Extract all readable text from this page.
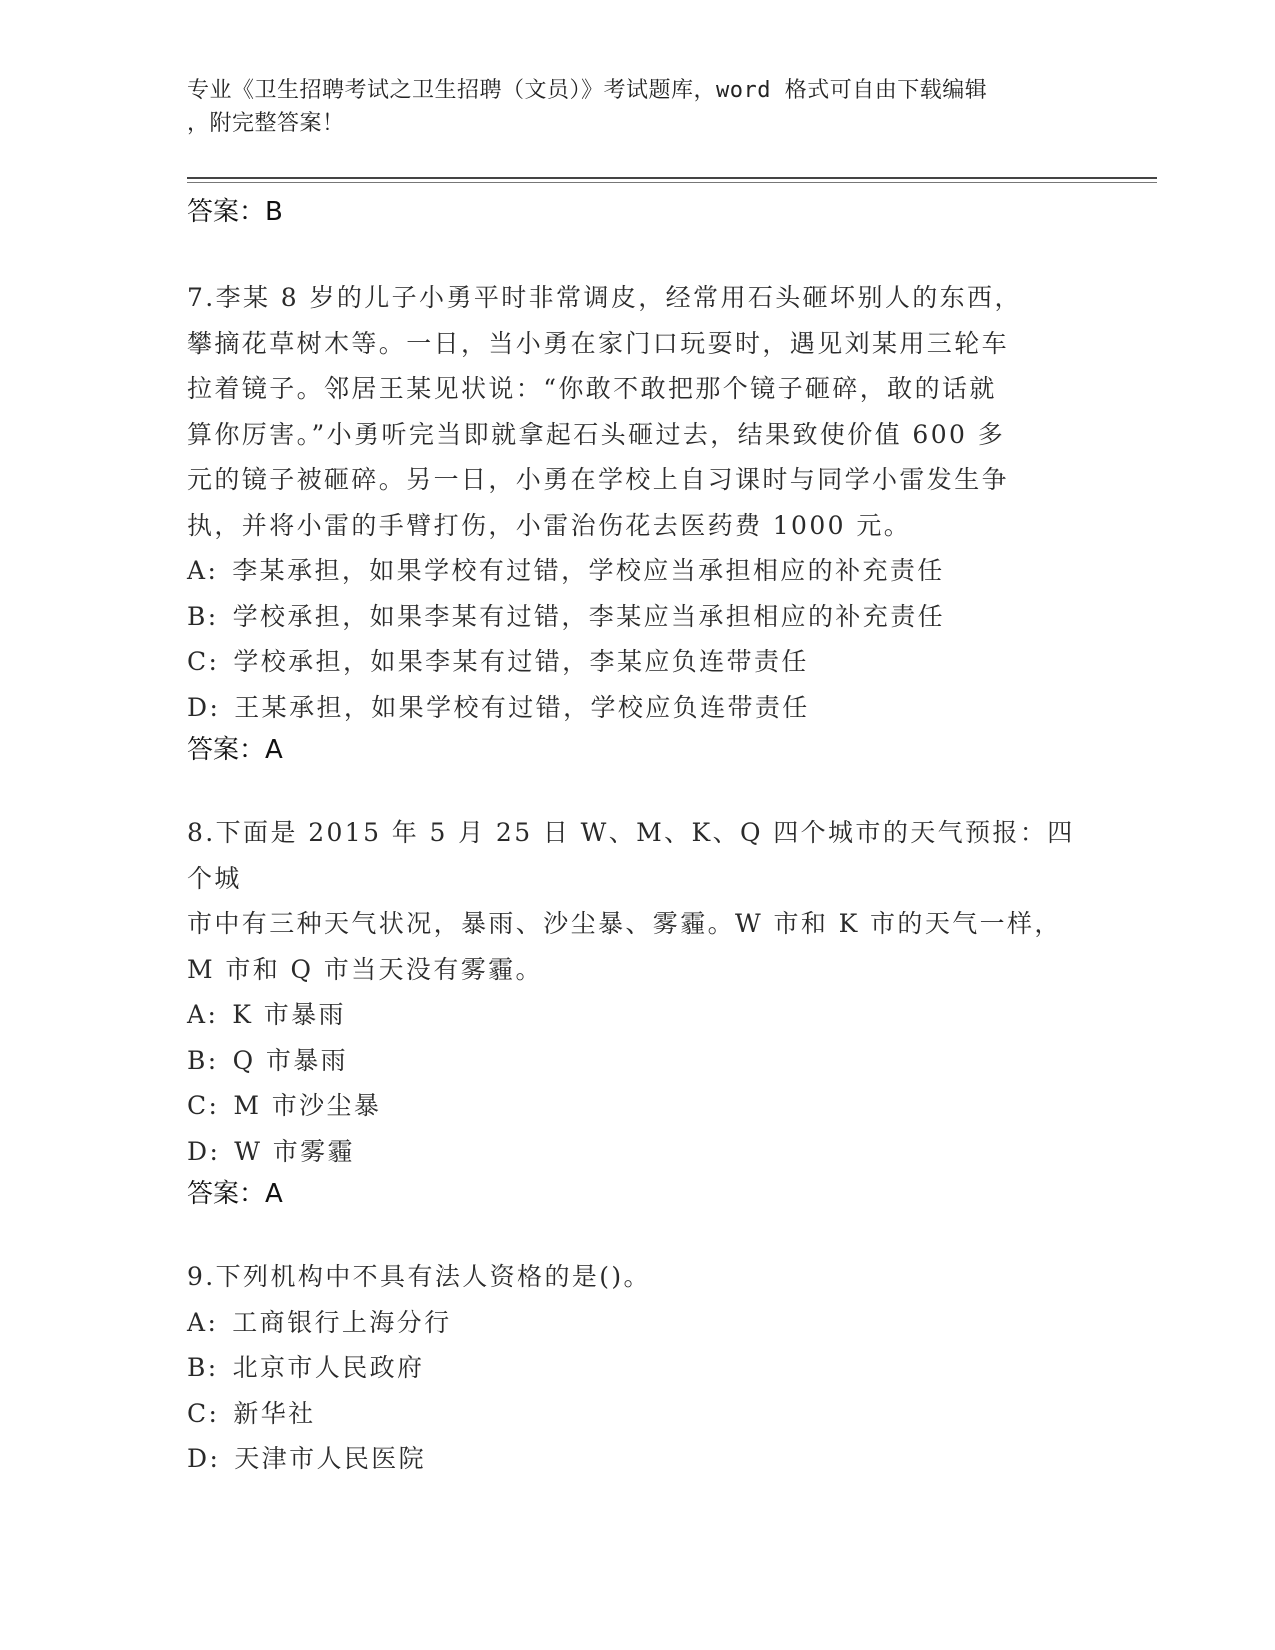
专业《卫生招聘考试之卫生招聘（文员）》考试题库，word 格式可自由下载编辑
，附完整答案！

答案：B

7.李某 8 岁的儿子小勇平时非常调皮，经常用石头砸坏别人的东西，

攀摘花草树木等。一日，当小勇在家门口玩耍时，遇见刘某用三轮车

拉着镜子。邻居王某见状说：“你敢不敢把那个镜子砸碎，敢的话就

算你厉害。”小勇听完当即就拿起石头砸过去，结果致使价值 600 多

元的镜子被砸碎。另一日，小勇在学校上自习课时与同学小雷发生争

执，并将小雷的手臂打伤，小雷治伤花去医药费 1000 元。

A: 李某承担，如果学校有过错，学校应当承担相应的补充责任

B: 学校承担，如果李某有过错，李某应当承担相应的补充责任

C: 学校承担，如果李某有过错，李某应负连带责任

D: 王某承担，如果学校有过错，学校应负连带责任

答案：A

8.下面是 2015 年 5 月 25 日 W、M、K、Q 四个城市的天气预报：四个城

市中有三种天气状况，暴雨、沙尘暴、雾霾。W 市和 K 市的天气一样，

M 市和 Q 市当天没有雾霾。

A: K 市暴雨

B: Q 市暴雨

C: M 市沙尘暴

D: W 市雾霾

答案：A

9.下列机构中不具有法人资格的是()。

A: 工商银行上海分行

B: 北京市人民政府

C: 新华社

D: 天津市人民医院
